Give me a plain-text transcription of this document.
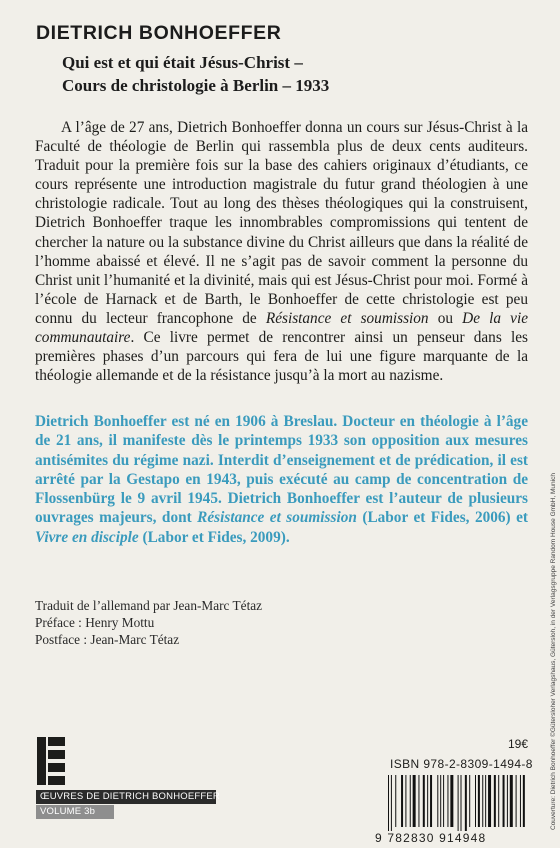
DIETRICH BONHOEFFER
Qui est et qui était Jésus-Christ –
Cours de christologie à Berlin – 1933

A l’âge de 27 ans, Dietrich Bonhoeffer donna un cours sur Jésus-Christ à la Faculté de théologie de Berlin qui rassembla plus de deux cents auditeurs. Traduit pour la première fois sur la base des cahiers originaux d’étudiants, ce cours représente une introduction magistrale du futur grand théologien à une christologie radicale. Tout au long des thèses théologiques qui la construisent, Dietrich Bonhoeffer traque les innombrables compromissions qui tentent de chercher la nature ou la substance divine du Christ ailleurs que dans la réalité de l’homme abaissé et élevé. Il ne s’agit pas de savoir comment la personne du Christ unit l’humanité et la divinité, mais qui est Jésus-Christ pour moi. Formé à l’école de Harnack et de Barth, le Bonhoeffer de cette christologie est peu connu du lecteur francophone de Résistance et soumission ou De la vie communautaire. Ce livre permet de rencontrer ainsi un penseur dans les premières phases d’un parcours qui fera de lui une figure marquante de la théologie allemande et de la résistance jusqu’à la mort au nazisme.

Dietrich Bonhoeffer est né en 1906 à Breslau. Docteur en théologie à l’âge de 21 ans, il manifeste dès le printemps 1933 son opposition aux mesures antisémites du régime nazi. Interdit d’enseignement et de prédication, il est arrêté par la Gestapo en 1943, puis exécuté au camp de concentration de Flossenbürg le 9 avril 1945. Dietrich Bonhoeffer est l’auteur de plusieurs ouvrages majeurs, dont Résistance et soumission (Labor et Fides, 2006) et Vivre en disciple (Labor et Fides, 2009).

Traduit de l’allemand par Jean-Marc Tétaz
Préface : Henry Mottu
Postface : Jean-Marc Tétaz
ŒUVRES DE DIETRICH BONHOEFFER
VOLUME 3b
19€
ISBN 978-2-8309-1494-8
9 782830 914948
Couverture: Dietrich Bonhoeffer ©Gütersloher Verlagshaus, Gütersloh, in der Verlagsgruppe Random House GmbH, Munich
